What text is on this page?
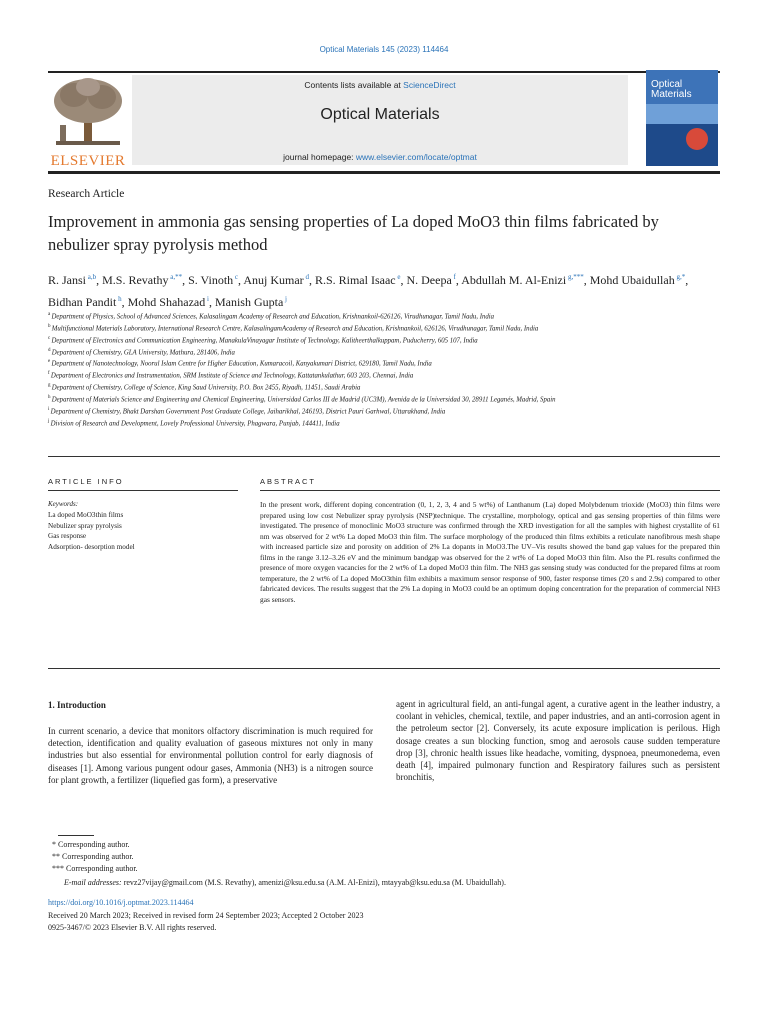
Optical Materials 145 (2023) 114464
ELSEVIER
Contents lists available at ScienceDirect
Optical Materials
journal homepage: www.elsevier.com/locate/optmat
Optical
Materials
Research Article
Improvement in ammonia gas sensing properties of La doped MoO3 thin films fabricated by nebulizer spray pyrolysis method
R. Jansi $^{a,b}$, M.S. Revathy $^{a,**}$, S. Vinoth $^c$, Anuj Kumar $^d$, R.S. Rimal Isaac $^e$, N. Deepa $^f$, Abdullah M. Al-Enizi $^{g,***}$, Mohd Ubaidullah $^{g,*}$, Bidhan Pandit $^h$, Mohd Shahazad $^i$, Manish Gupta $^j$
$^a$ Department of Physics, School of Advanced Sciences, Kalasalingam Academy of Research and Education, Krishnankoil-626126, Virudhunagar, Tamil Nadu, India
$^b$ Multifunctional Materials Laboratory, International Research Centre, KalasalingamAcademy of Research and Education, Krishnankoil, 626126, Virudhunagar, Tamil Nadu, India
$^c$ Department of Electronics and Communication Engineering, ManakulaVinayagar Institute of Technology, Kalitheerthalkuppam, Puducherry, 605 107, India
$^d$ Department of Chemistry, GLA University, Mathura, 281406, India
$^e$ Department of Nanotechnology, Noorul Islam Centre for Higher Education, Kumaracoil, Kanyakumari District, 629180, Tamil Nadu, India
$^f$ Department of Electronics and Instrumentation, SRM Institute of Science and Technology, Kattatankulathur, 603 203, Chennai, India
$^g$ Department of Chemistry, College of Science, King Saud University, P.O. Box 2455, Riyadh, 11451, Saudi Arabia
$^h$ Department of Materials Science and Engineering and Chemical Engineering, Universidad Carlos III de Madrid (UC3M), Avenida de la Universidad 30, 28911 Leganés, Madrid, Spain
$^i$ Department of Chemistry, Bhakt Darshan Government Post Graduate College, Jaiharikhal, 246193, District Pauri Garhwal, Uttarakhand, India
$^j$ Division of Research and Development, Lovely Professional University, Phagwara, Punjab, 144411, India
ARTICLE INFO	ABSTRACT
Keywords:
La doped MoO3thin films
Nebulizer spray pyrolysis
Gas response
Adsorption- desorption model
In the present work, different doping concentration (0, 1, 2, 3, 4 and 5 wt%) of Lanthanum (La) doped Molybdenum trioxide (MoO3) thin films were prepared using low cost Nebulizer spray pyrolysis (NSP)technique. The crystalline, morphology, optical and gas sensing properties of thin films were investigated. The presence of monoclinic MoO3 structure was confirmed through the XRD investigation for all the samples with highest crystallite of 61 nm was observed for 2 wt% La doped MoO3 thin film. The surface morphology of the produced thin films exhibits a reticulate nanofibrous mesh shape with increased particle size and porosity on addition of 2% La dopants in MoO3.The UV–Vis results showed the band gap values for the prepared thin films in the range 3.12–3.26 eV and the minimum bandgap was observed for the 2 wt% of La doped MoO3 thin film. Also the PL results confirmed the presence of more oxygen vacancies for the 2 wt% of La doped MoO3 thin film. The NH3 gas sensing study was conducted for the prepared films at room temperature, the 2 wt% of La doped MoO3thin film exhibits a maximum sensor response of 900, faster response times (20 s and 2.9s) compared to other fabricated devices. The results suggest that the 2% La doping in MoO3 could be an optimum doping concentration for the preparation of commercial NH3 gas sensors.
1. Introduction
In current scenario, a device that monitors olfactory discrimination is much required for detection, identification and quality evaluation of gaseous mixtures not only in many industries but also essential for environmental pollution control for early diagnosis of diseases [1]. Among various pungent odour gases, Ammonia (NH3) is a nitrogen source for plant growth, a fertilizer (liquefied gas form), a preservative
agent in agricultural field, an anti-fungal agent, a curative agent in the leather industry, a coolant in vehicles, chemical, textile, and paper industries, and an anti-corrosion agent in the petroleum sector [2]. Conversely, its acute exposure implication is perilous. High dosage creates a sun blocking function, smog and aerosols cause sudden temperature drop [3], chronic health issues like headache, vomiting, dyspnoea, pneumonedema, even death [4], impaired pulmonary function and Respiratory failures such as persistent bronchitis,
* Corresponding author.
** Corresponding author.
*** Corresponding author.
E-mail addresses: revz27vijay@gmail.com (M.S. Revathy), amenizi@ksu.edu.sa (A.M. Al-Enizi), mtayyab@ksu.edu.sa (M. Ubaidullah).
https://doi.org/10.1016/j.optmat.2023.114464
Received 20 March 2023; Received in revised form 24 September 2023; Accepted 2 October 2023
0925-3467/© 2023 Elsevier B.V. All rights reserved.
